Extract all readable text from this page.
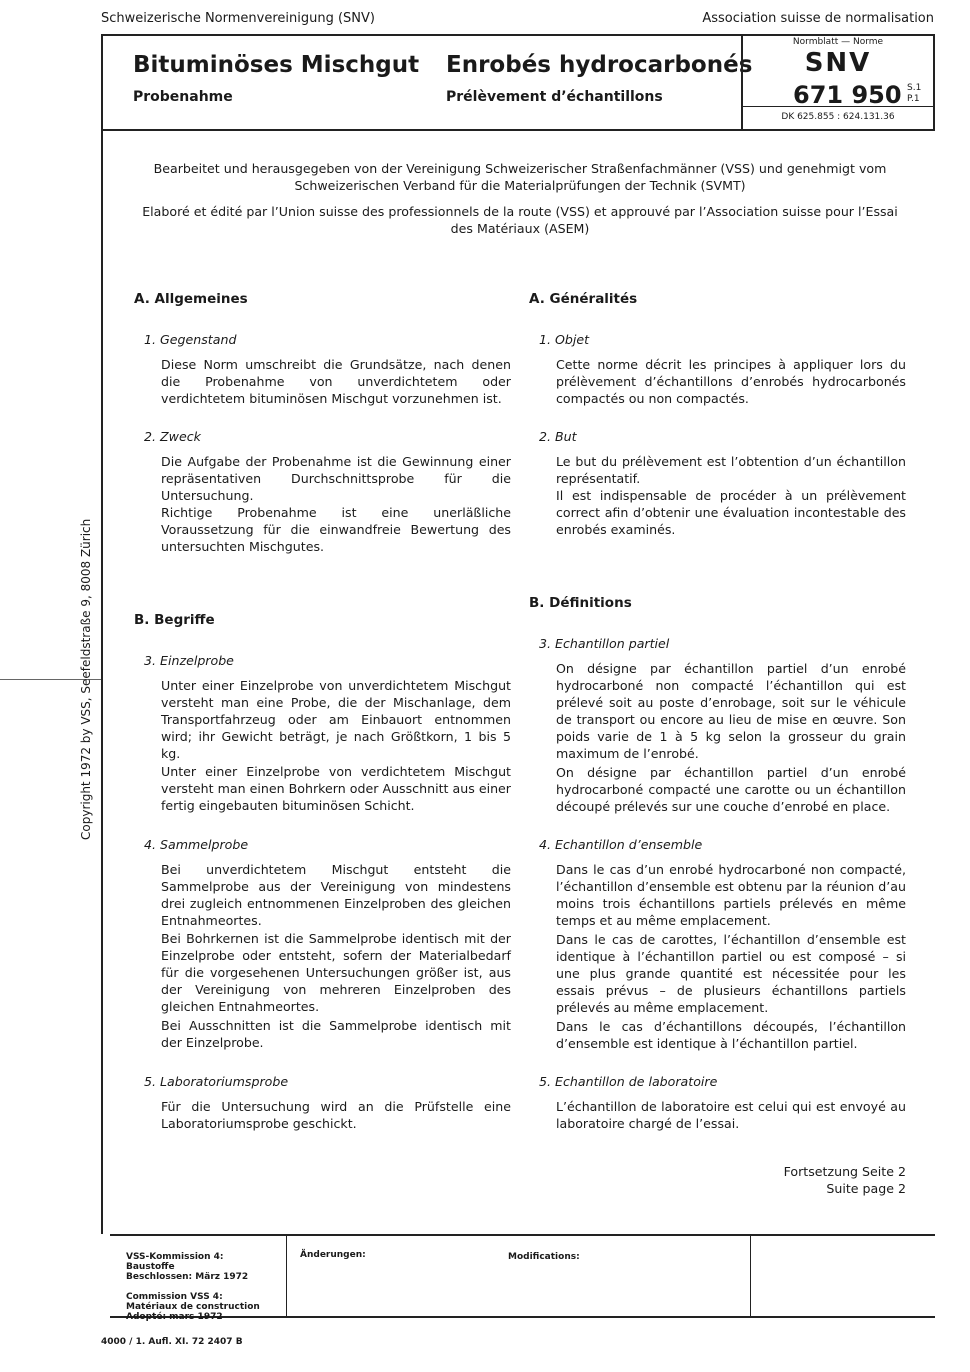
Schweizerische Normenvereinigung (SNV)	Association suisse de normalisation
Bituminöses Mischgut
Probenahme
Enrobés hydrocarbonés
Prélèvement d’échantillons
Normblatt — Norme
SNV
671 950 S.1
P.1
DK 625.855 : 624.131.36
Bearbeitet und herausgegeben von der Vereinigung Schweizerischer Straßenfachmänner (VSS) und genehmigt vom
Schweizerischen Verband für die Materialprüfungen der Technik (SVMT)
Elaboré et édité par l’Union suisse des professionnels de la route (VSS) et approuvé par l’Association suisse pour l’Essai
des Matériaux (ASEM)
Copyright 1972 by VSS, Seefeldstraße 9, 8008 Zürich
A. Allgemeines
1. Gegenstand
Diese Norm umschreibt die Grundsätze, nach denen die Probenahme von unverdichtetem oder verdichtetem bituminösen Mischgut vorzunehmen ist.
2. Zweck
Die Aufgabe der Probenahme ist die Gewinnung einer repräsentativen Durchschnittsprobe für die Untersuchung.
Richtige Probenahme ist eine unerläßliche Voraussetzung für die einwandfreie Bewertung des untersuchten Mischgutes.
B. Begriffe
3. Einzelprobe
Unter einer Einzelprobe von unverdichtetem Mischgut versteht man eine Probe, die der Mischanlage, dem Transportfahrzeug oder am Einbauort entnommen wird; ihr Gewicht beträgt, je nach Größtkorn, 1 bis 5 kg.
Unter einer Einzelprobe von verdichtetem Mischgut versteht man einen Bohrkern oder Ausschnitt aus einer fertig eingebauten bituminösen Schicht.
4. Sammelprobe
Bei unverdichtetem Mischgut entsteht die Sammelprobe aus der Vereinigung von mindestens drei zugleich entnommenen Einzelproben des gleichen Entnahmeortes.
Bei Bohrkernen ist die Sammelprobe identisch mit der Einzelprobe oder entsteht, sofern der Materialbedarf für die vorgesehenen Untersuchungen größer ist, aus der Vereinigung von mehreren Einzelproben des gleichen Entnahmeortes.
Bei Ausschnitten ist die Sammelprobe identisch mit der Einzelprobe.
5. Laboratoriumsprobe
Für die Untersuchung wird an die Prüfstelle eine Laboratoriumsprobe geschickt.
A. Généralités
1. Objet
Cette norme décrit les principes à appliquer lors du prélèvement d’échantillons d’enrobés hydrocarbonés compactés ou non compactés.
2. But
Le but du prélèvement est l’obtention d’un échantillon représentatif.
Il est indispensable de procéder à un prélèvement correct afin d’obtenir une évaluation incontestable des enrobés examinés.
B. Définitions
3. Echantillon partiel
On désigne par échantillon partiel d’un enrobé hydrocarboné non compacté l’échantillon qui est prélevé soit au poste d’enrobage, soit sur le véhicule de transport ou encore au lieu de mise en œuvre. Son poids varie de 1 à 5 kg selon la grosseur du grain maximum de l’enrobé.
On désigne par échantillon partiel d’un enrobé hydrocarboné compacté une carotte ou un échantillon découpé prélevés sur une couche d’enrobé en place.
4. Echantillon d’ensemble
Dans le cas d’un enrobé hydrocarboné non compacté, l’échantillon d’ensemble est obtenu par la réunion d’au moins trois échantillons partiels prélevés en même temps et au même emplacement.
Dans le cas de carottes, l’échantillon d’ensemble est identique à l’échantillon partiel ou est composé – si une plus grande quantité est nécessitée pour les essais prévus – de plusieurs échantillons partiels prélevés au même emplacement.
Dans le cas d’échantillons découpés, l’échantillon d’ensemble est identique à l’échantillon partiel.
5. Echantillon de laboratoire
L’échantillon de laboratoire est celui qui est envoyé au laboratoire chargé de l’essai.
Fortsetzung Seite 2
Suite page 2
VSS-Kommission 4:
Baustoffe
Beschlossen: März 1972
Commission VSS 4:
Matériaux de construction
Adopté: mars 1972
Änderungen:	Modifications:
4000 / 1. Aufl. XI. 72 2407 B
